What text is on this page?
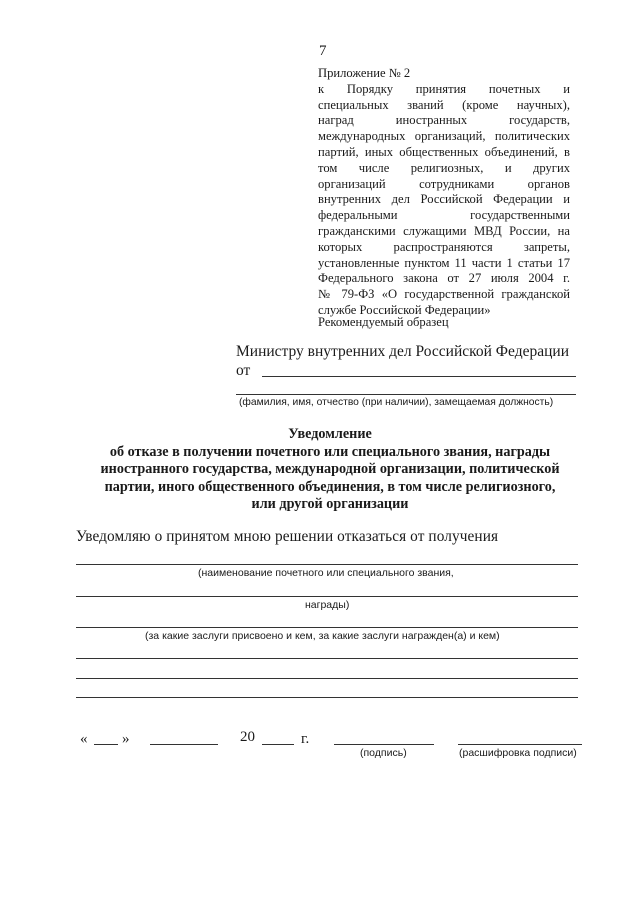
7
Приложение № 2
к Порядку принятия почетных и
специальных званий (кроме научных),
наград иностранных государств,
международных организаций, политических
партий, иных общественных объединений, в
том числе религиозных, и других
организаций сотрудниками органов
внутренних дел Российской Федерации и
федеральными государственными
гражданскими служащими МВД России, на
которых распространяются запреты,
установленные пунктом 11 части 1 статьи 17
Федерального закона от 27 июля 2004 г.
№ 79-ФЗ «О государственной гражданской
службе Российской Федерации»
Рекомендуемый образец
Министру внутренних дел Российской Федерации
от
(фамилия, имя, отчество (при наличии), замещаемая должность)
Уведомление
об отказе в получении почетного или специального звания, награды
иностранного государства, международной организации, политической
партии, иного общественного объединения, в том числе религиозного,
или другой организации
Уведомляю о принятом мною решении отказаться от получения
(наименование почетного или специального звания,
награды)
(за какие заслуги присвоено и кем, за какие заслуги награжден(а) и кем)
« »	20	г.
(подпись)	(расшифровка подписи)
